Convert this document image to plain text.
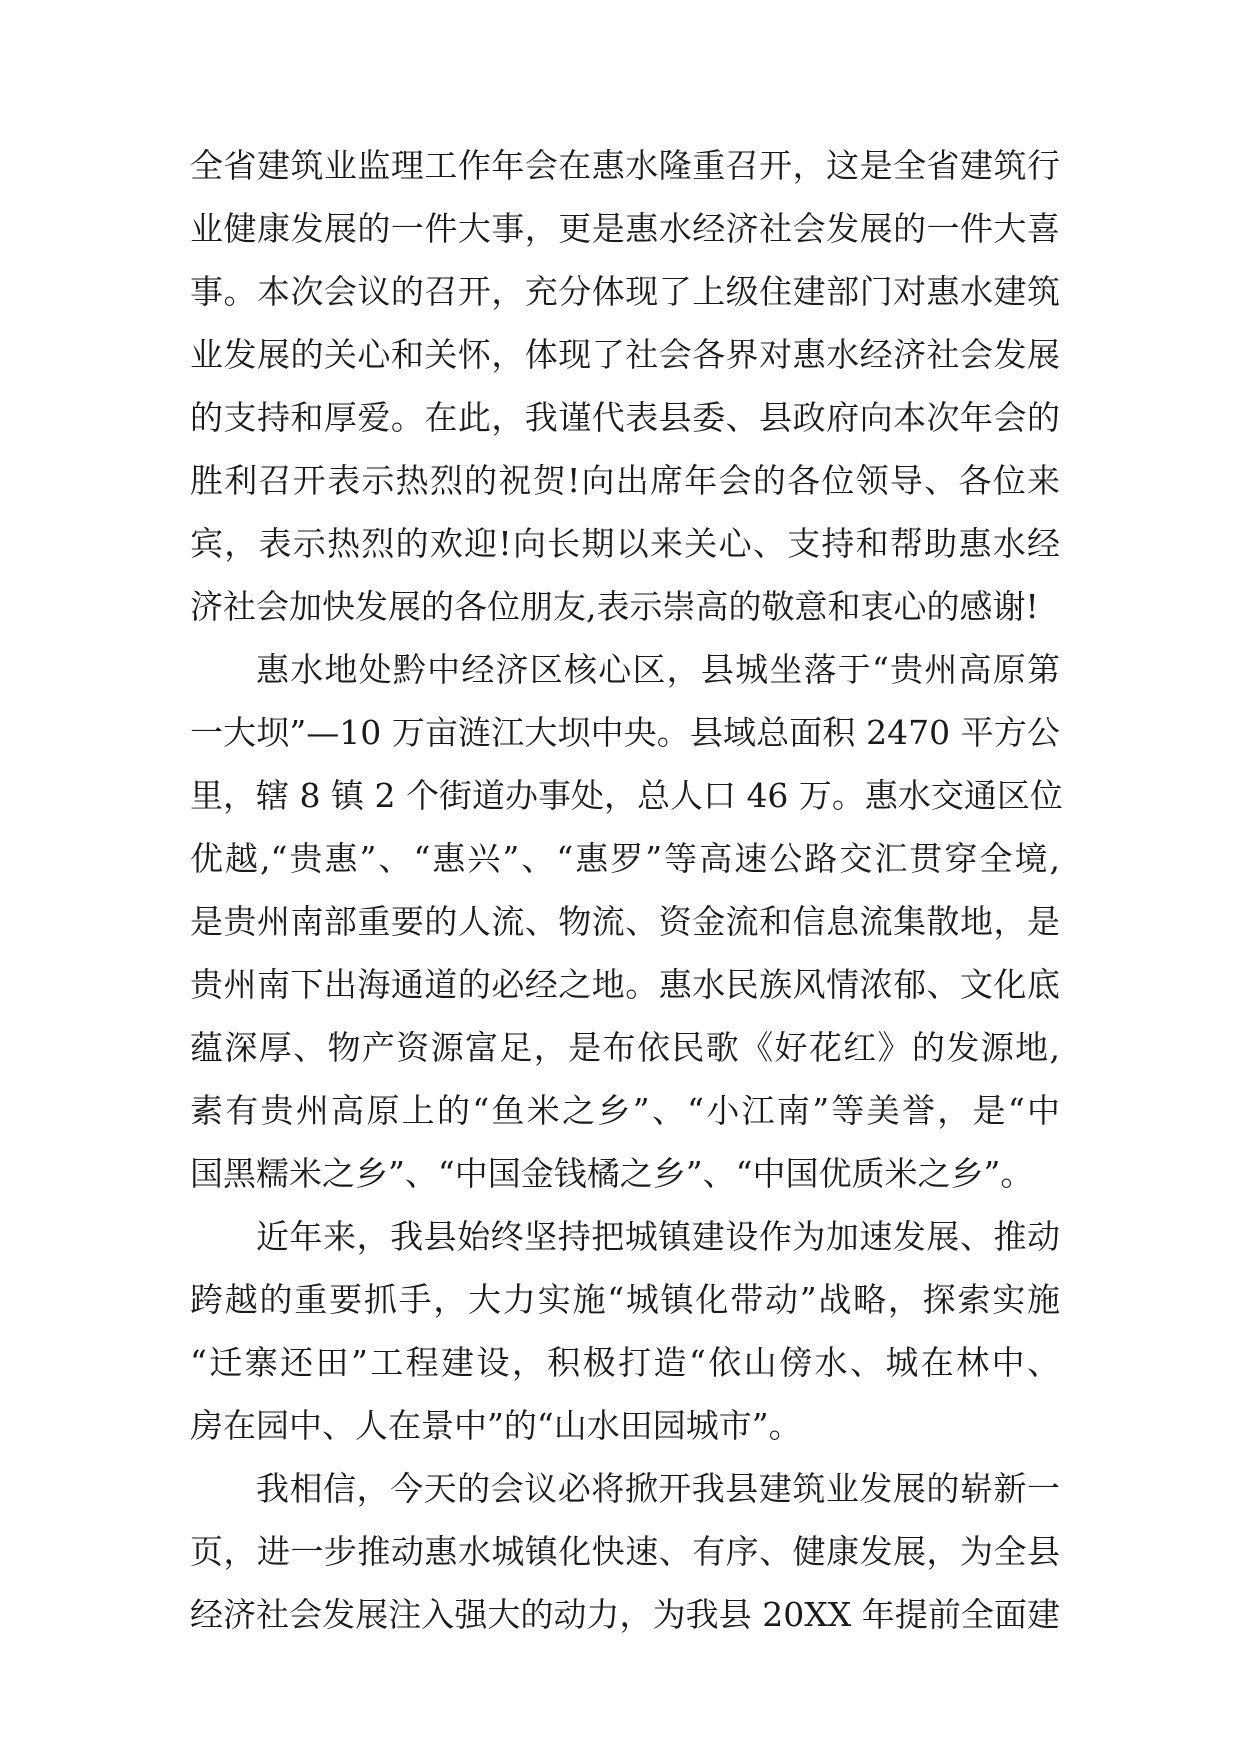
全省建筑业监理工作年会在惠水隆重召开，这是全省建筑行
业健康发展的一件大事，更是惠水经济社会发展的一件大喜
事。本次会议的召开，充分体现了上级住建部门对惠水建筑
业发展的关心和关怀，体现了社会各界对惠水经济社会发展
的支持和厚爱。在此，我谨代表县委、县政府向本次年会的
胜利召开表示热烈的祝贺!向出席年会的各位领导、各位来
宾，表示热烈的欢迎!向长期以来关心、支持和帮助惠水经
济社会加快发展的各位朋友,表示崇高的敬意和衷心的感谢!
惠水地处黔中经济区核心区，县城坐落于“贵州高原第
一大坝”—10 万亩涟江大坝中央。县域总面积 2470 平方公
里，辖 8 镇 2 个街道办事处，总人口 46 万。惠水交通区位
优越,“贵惠”、“惠兴”、“惠罗”等高速公路交汇贯穿全境,
是贵州南部重要的人流、物流、资金流和信息流集散地，是
贵州南下出海通道的必经之地。惠水民族风情浓郁、文化底
蕴深厚、物产资源富足，是布依民歌《好花红》的发源地,
素有贵州高原上的“鱼米之乡”、“小江南”等美誉，是“中
国黑糯米之乡”、“中国金钱橘之乡”、“中国优质米之乡”。
近年来，我县始终坚持把城镇建设作为加速发展、推动
跨越的重要抓手，大力实施“城镇化带动”战略，探索实施
“迁寨还田”工程建设，积极打造“依山傍水、城在林中、
房在园中、人在景中”的“山水田园城市”。
我相信，今天的会议必将掀开我县建筑业发展的崭新一
页，进一步推动惠水城镇化快速、有序、健康发展，为全县
经济社会发展注入强大的动力，为我县 20XX 年提前全面建
